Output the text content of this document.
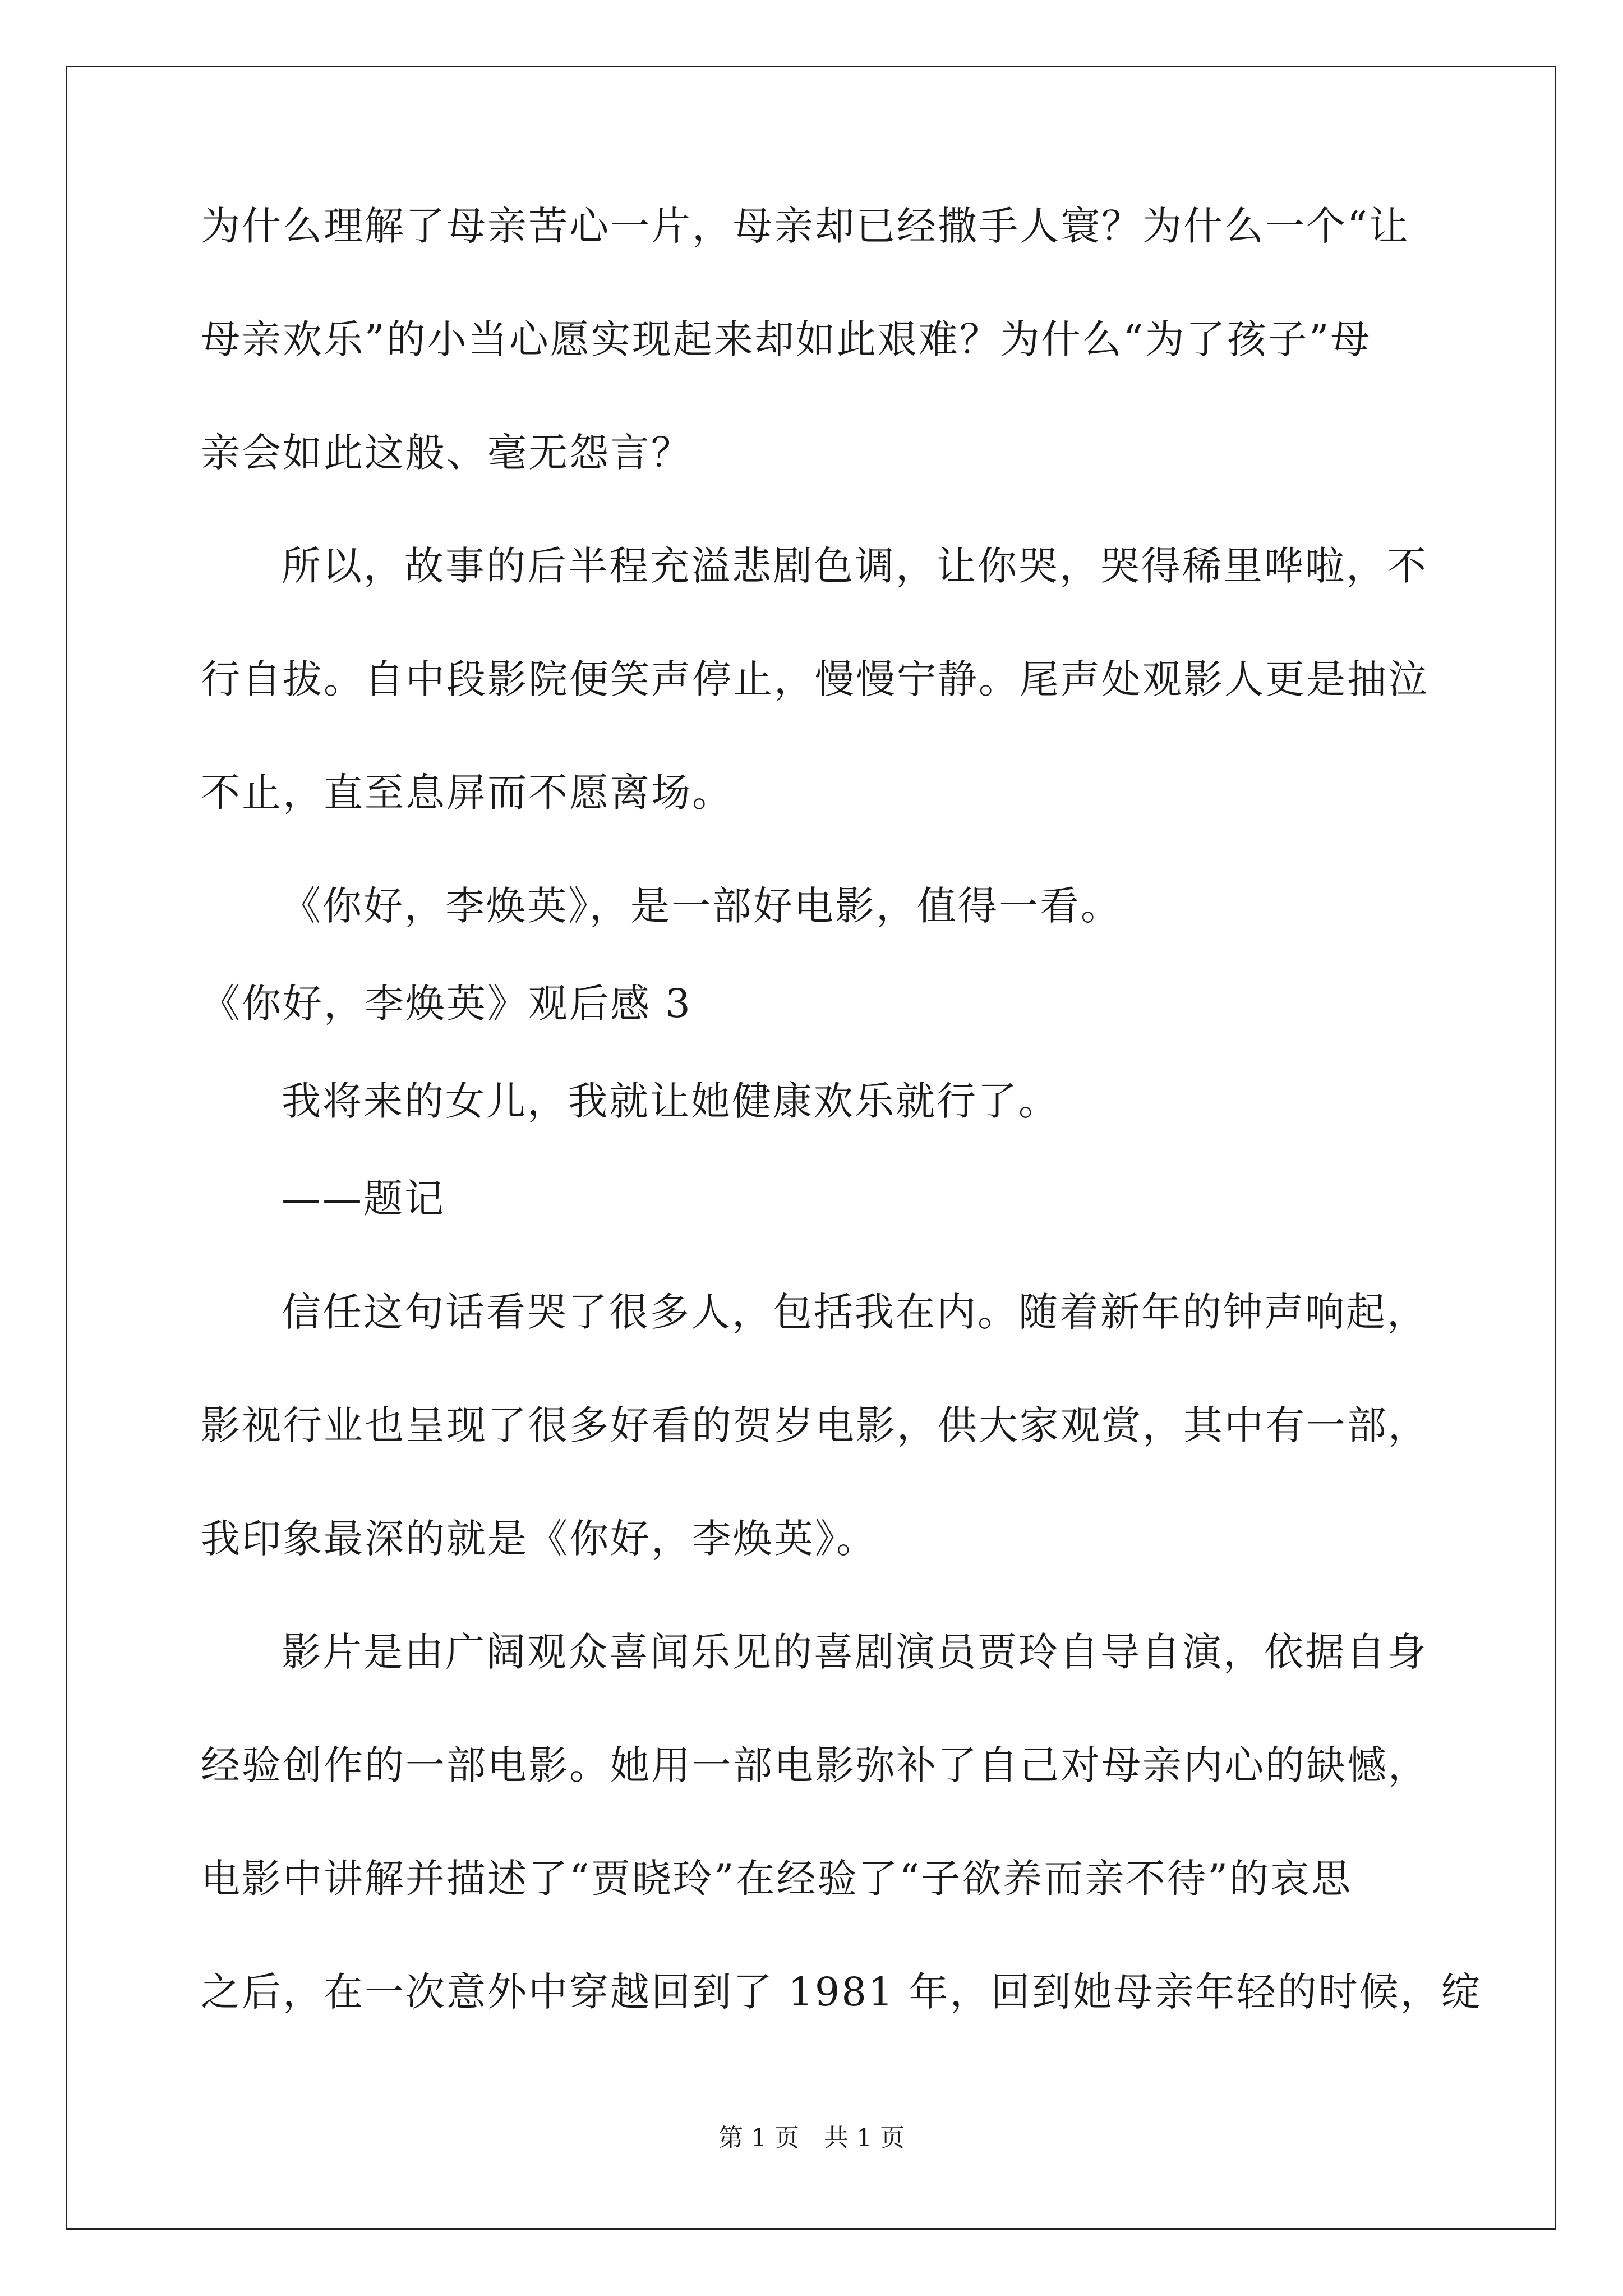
为什么理解了母亲苦心一片，母亲却已经撒手人寰？为什么一个“让

母亲欢乐”的小当心愿实现起来却如此艰难？为什么“为了孩子”母

亲会如此这般、毫无怨言？

所以，故事的后半程充溢悲剧色调，让你哭，哭得稀里哗啦，不

行自拔。自中段影院便笑声停止，慢慢宁静。尾声处观影人更是抽泣

不止，直至息屏而不愿离场。

《你好，李焕英》，是一部好电影，值得一看。

《你好，李焕英》观后感 3

我将来的女儿，我就让她健康欢乐就行了。

——题记

信任这句话看哭了很多人，包括我在内。随着新年的钟声响起，

影视行业也呈现了很多好看的贺岁电影，供大家观赏，其中有一部，

我印象最深的就是《你好，李焕英》。

影片是由广阔观众喜闻乐见的喜剧演员贾玲自导自演，依据自身

经验创作的一部电影。她用一部电影弥补了自己对母亲内心的缺憾，

电影中讲解并描述了“贾晓玲”在经验了“子欲养而亲不待”的哀思

之后，在一次意外中穿越回到了 1981 年，回到她母亲年轻的时候，绽

第 1 页　共 1 页
